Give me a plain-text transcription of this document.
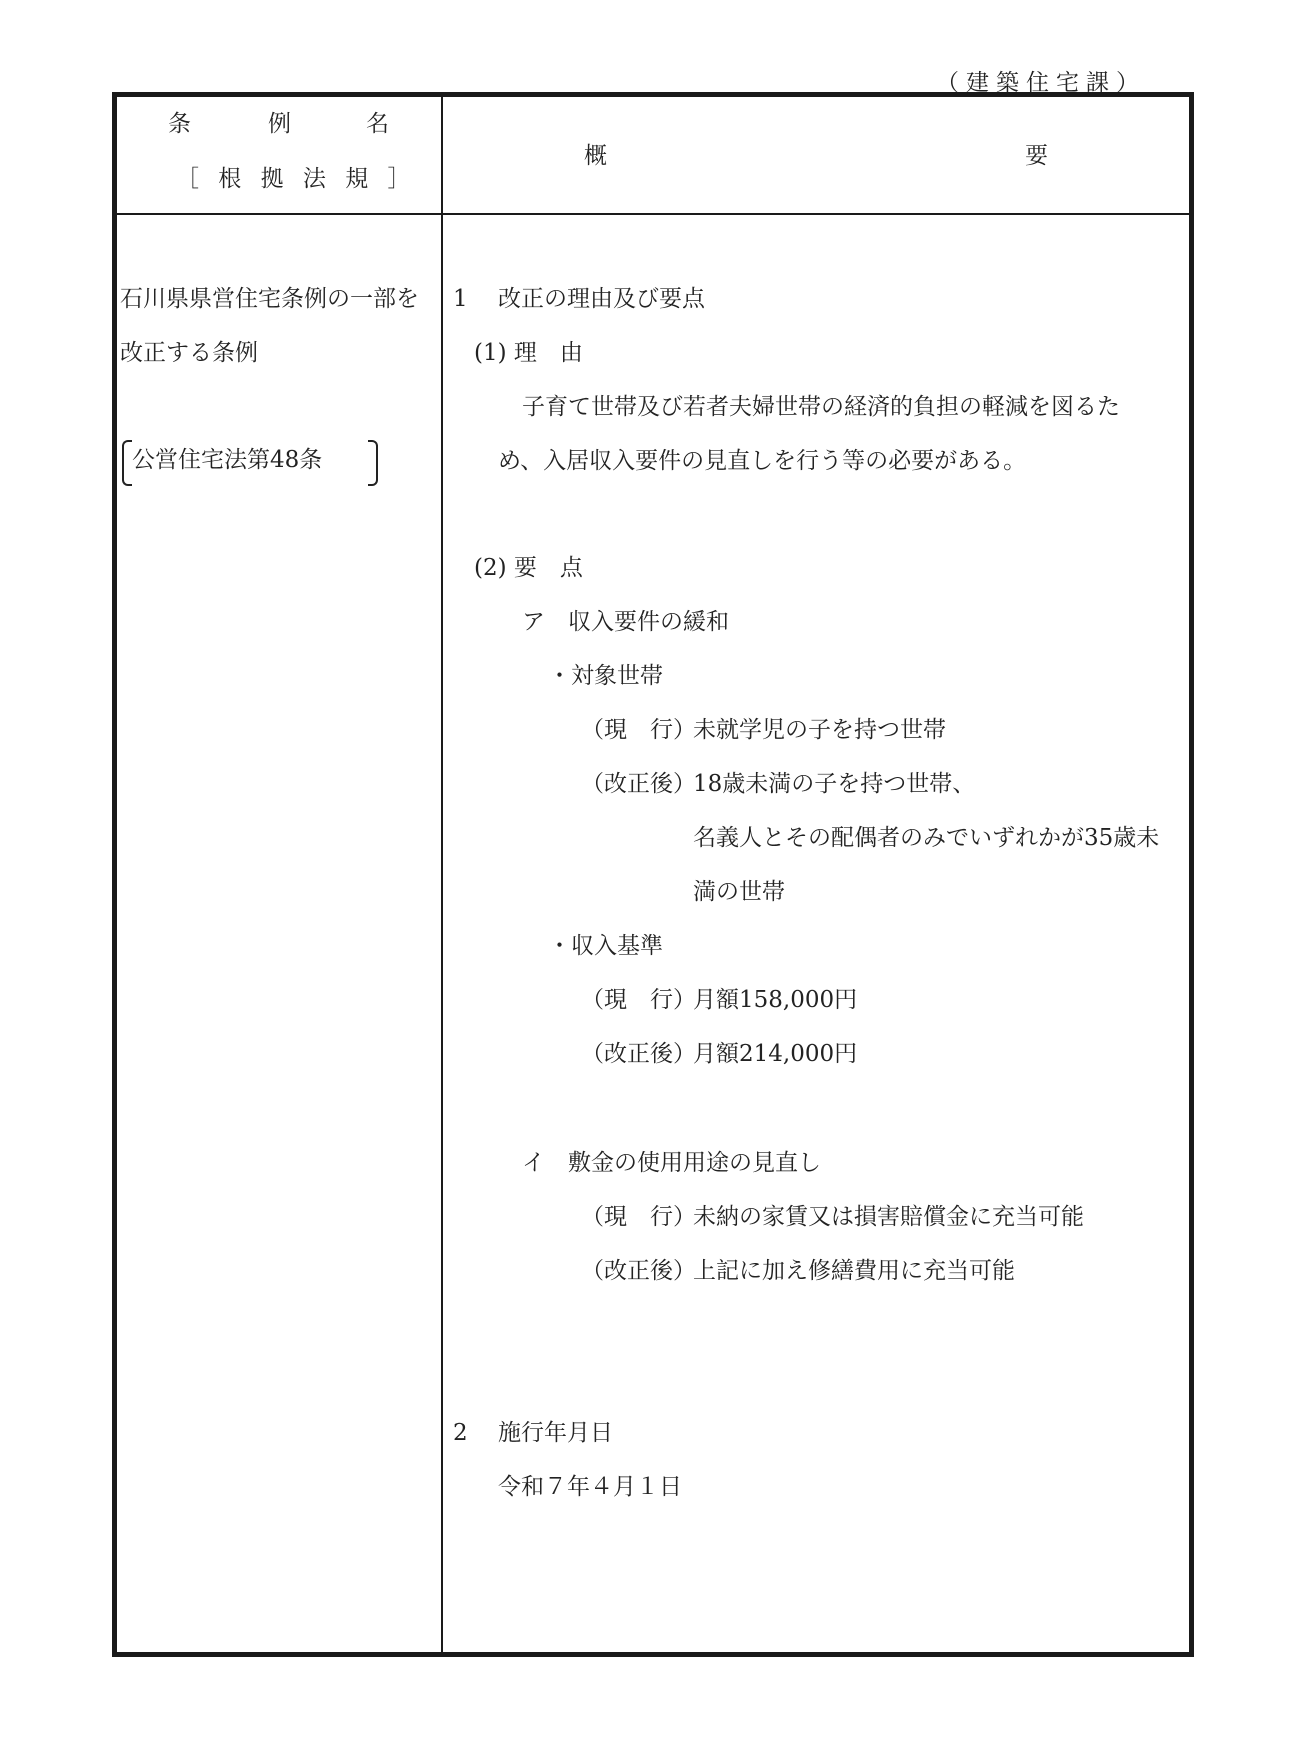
（建築住宅課）
条	例	名
［ 根 拠 法 規 ］
概	要
石川県県営住宅条例の一部を
改正する条例
公営住宅法第48条
1 改正の理由及び要点
(1) 理　由
子育て世帯及び若者夫婦世帯の経済的負担の軽減を図るた
め、入居収入要件の見直しを行う等の必要がある。
(2) 要　点
ア　収入要件の緩和
・対象世帯
（現　行）
未就学児の子を持つ世帯
（改正後）
18歳未満の子を持つ世帯、
名義人とその配偶者のみでいずれかが35歳未
満の世帯
・収入基準
（現　行）
月額158,000円
（改正後）
月額214,000円
イ　敷金の使用用途の見直し
（現　行）
未納の家賃又は損害賠償金に充当可能
（改正後）
上記に加え修繕費用に充当可能
2 施行年月日
令和７年４月１日
